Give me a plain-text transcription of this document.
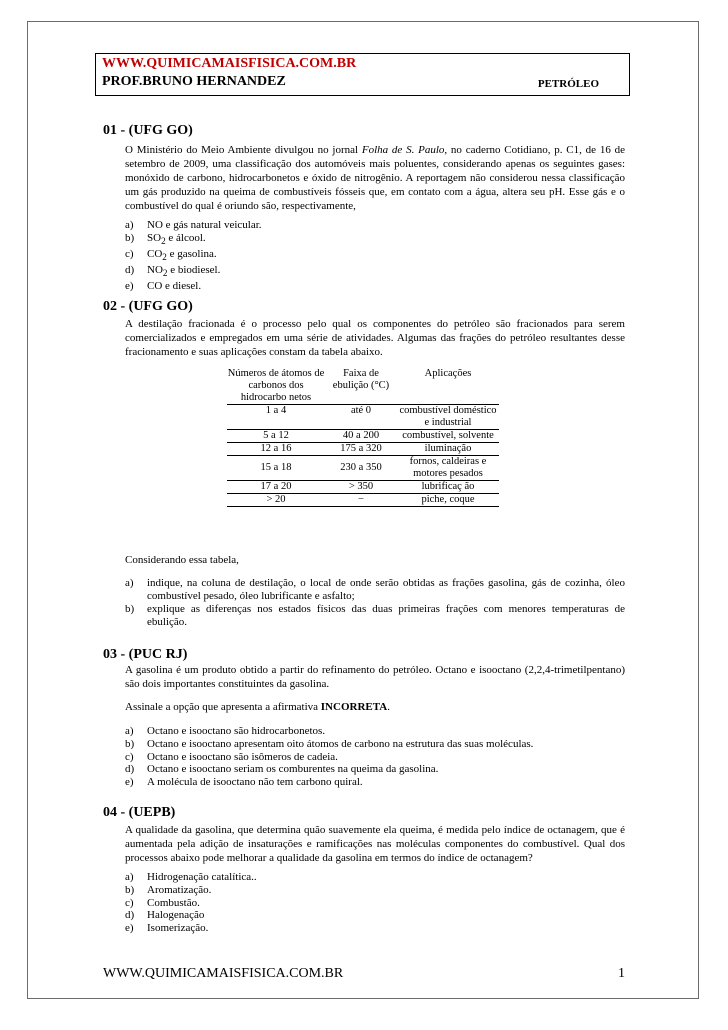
WWW.QUIMICAMAISFISICA.COM.BR
PROF.BRUNO HERNANDEZ	PETRÓLEO
01 - (UFG GO)
O Ministério do Meio Ambiente divulgou no jornal Folha de S. Paulo, no caderno Cotidiano, p. C1, de 16 de setembro de 2009, uma classificação dos automóveis mais poluentes, considerando apenas os seguintes gases: monóxido de carbono, hidrocarbonetos e óxido de nitrogênio. A reportagem não considerou nessa classificação um gás produzido na queima de combustíveis fósseis que, em contato com a água, altera seu pH. Esse gás e o combustível do qual é oriundo são, respectivamente,
a)	NO e gás natural veicular.
b)	$SO_2$ e álcool.
c)	$CO_2$ e gasolina.
d)	$NO_2$ e biodiesel.
e)	CO e diesel.
02 - (UFG GO)
A destilação fracionada é o processo pelo qual os componentes do petróleo são fracionados para serem comercializados e empregados em uma série de atividades. Algumas das frações do petróleo resultantes desse fracionamento e suas aplicações constam da tabela abaixo.
Números de átomos de carbonos dos hidrocarbo netos	Faixa de ebulição (°C)	Aplicações
1 a 4	até 0	combustível doméstico e industrial
5 a 12	40 a 200	combustível, solvente
12 a 16	175 a 320	iluminação
15 a 18	230 a 350	fornos, caldeiras e motores pesados
17 a 20	> 350	lubrificaç ão
> 20	−	piche, coque
Considerando essa tabela,
a)	indique, na coluna de destilação, o local de onde serão obtidas as frações gasolina, gás de cozinha, óleo combustível pesado, óleo lubrificante e asfalto;
b)	explique as diferenças nos estados físicos das duas primeiras frações com menores temperaturas de ebulição.
03 - (PUC RJ)
A gasolina é um produto obtido a partir do refinamento do petróleo. Octano e isooctano (2,2,4-trimetilpentano) são dois importantes constituintes da gasolina.
Assinale a opção que apresenta a afirmativa INCORRETA.
a)	Octano e isooctano são hidrocarbonetos.
b)	Octano e isooctano apresentam oito átomos de carbono na estrutura das suas moléculas.
c)	Octano e isooctano são isômeros de cadeia.
d)	Octano e isooctano seriam os comburentes na queima da gasolina.
e)	A molécula de isooctano não tem carbono quiral.
04 - (UEPB)
A qualidade da gasolina, que determina quão suavemente ela queima, é medida pelo índice de octanagem, que é aumentada pela adição de insaturações e ramificações nas moléculas componentes do combustível. Qual dos processos abaixo pode melhorar a qualidade da gasolina em termos do índice de octanagem?
a)	Hidrogenação catalítica..
b)	Aromatização.
c)	Combustão.
d)	Halogenação
e)	Isomerização.
WWW.QUIMICAMAISFISICA.COM.BR	1
